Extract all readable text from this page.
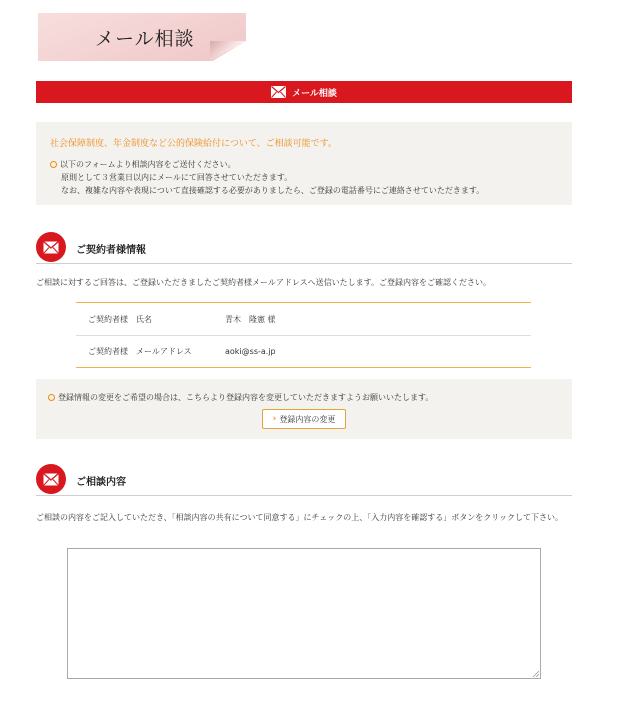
メール相談
メール相談
社会保障制度、年金制度など公的保険給付について、ご相談可能です。
以下のフォームより相談内容をご送付ください。
原則として３営業日以内にメールにて回答させていただきます。
なお、複雑な内容や表現について直接確認する必要がありましたら、ご登録の電話番号にご連絡させていただきます。
ご契約者様情報
ご相談に対するご回答は、ご登録いただきましたご契約者様メールアドレスへ送信いたします。ご登録内容をご確認ください。
ご契約者様　氏名	青木　隆憲 様
ご契約者様　メールアドレス	aoki@ss-a.jp
登録情報の変更をご希望の場合は、こちらより登録内容を変更していただきますようお願いいたします。
› 登録内容の変更
ご相談内容
ご相談の内容をご記入していただき、「相談内容の共有について同意する」にチェックの上、「入力内容を確認する」ボタンをクリックして下さい。
